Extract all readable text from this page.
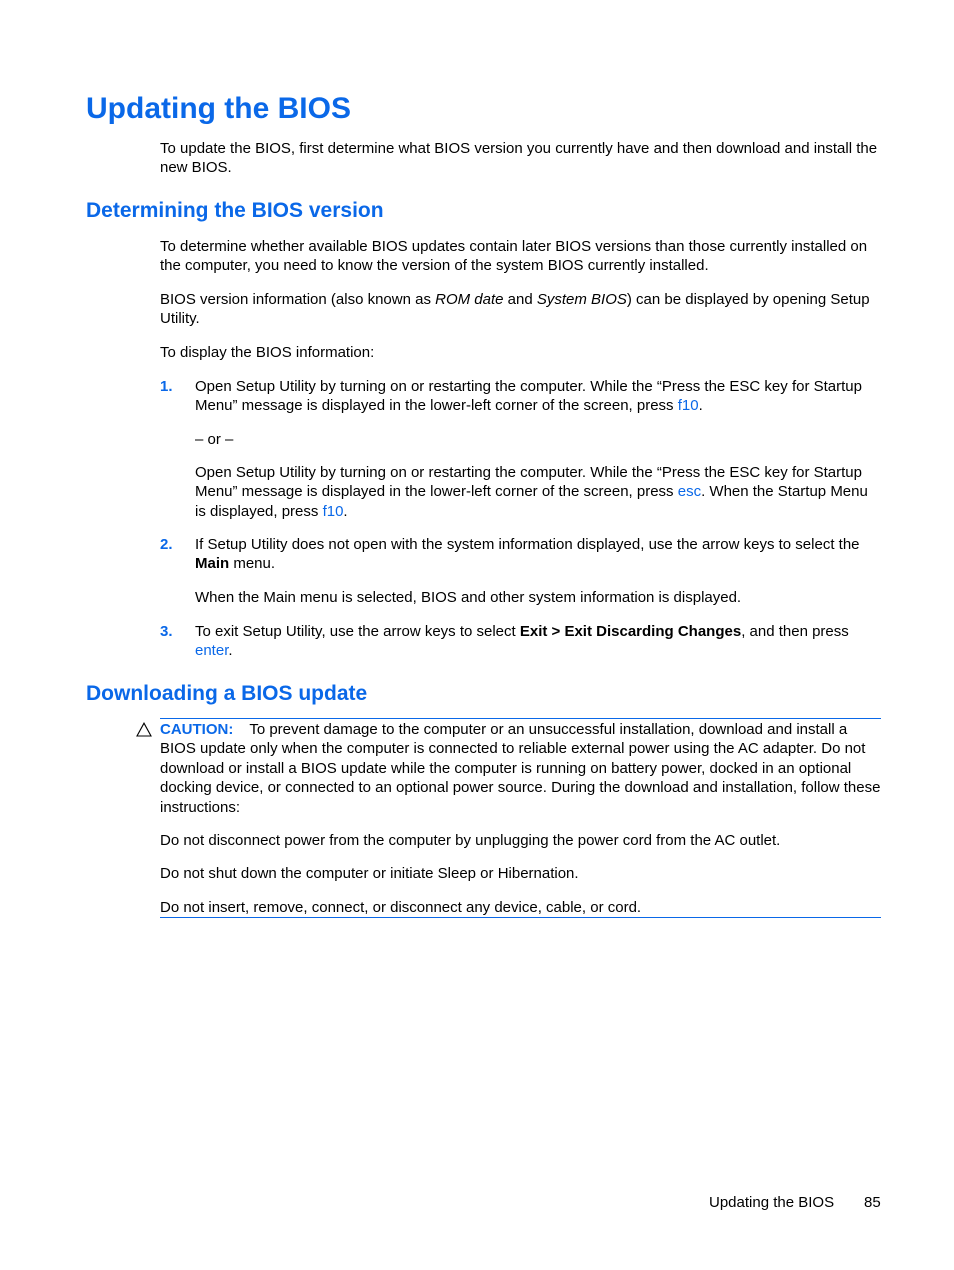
Updating the BIOS

To update the BIOS, first determine what BIOS version you currently have and then download and install the new BIOS.

Determining the BIOS version

To determine whether available BIOS updates contain later BIOS versions than those currently installed on the computer, you need to know the version of the system BIOS currently installed.

BIOS version information (also known as ROM date and System BIOS) can be displayed by opening Setup Utility.

To display the BIOS information:

1. Open Setup Utility by turning on or restarting the computer. While the “Press the ESC key for Startup Menu” message is displayed in the lower-left corner of the screen, press f10.

– or –

Open Setup Utility by turning on or restarting the computer. While the “Press the ESC key for Startup Menu” message is displayed in the lower-left corner of the screen, press esc. When the Startup Menu is displayed, press f10.

2. If Setup Utility does not open with the system information displayed, use the arrow keys to select the Main menu.

When the Main menu is selected, BIOS and other system information is displayed.

3. To exit Setup Utility, use the arrow keys to select Exit > Exit Discarding Changes, and then press enter.

Downloading a BIOS update

CAUTION: To prevent damage to the computer or an unsuccessful installation, download and install a BIOS update only when the computer is connected to reliable external power using the AC adapter. Do not download or install a BIOS update while the computer is running on battery power, docked in an optional docking device, or connected to an optional power source. During the download and installation, follow these instructions:

Do not disconnect power from the computer by unplugging the power cord from the AC outlet.

Do not shut down the computer or initiate Sleep or Hibernation.

Do not insert, remove, connect, or disconnect any device, cable, or cord.

Updating the BIOS 85
